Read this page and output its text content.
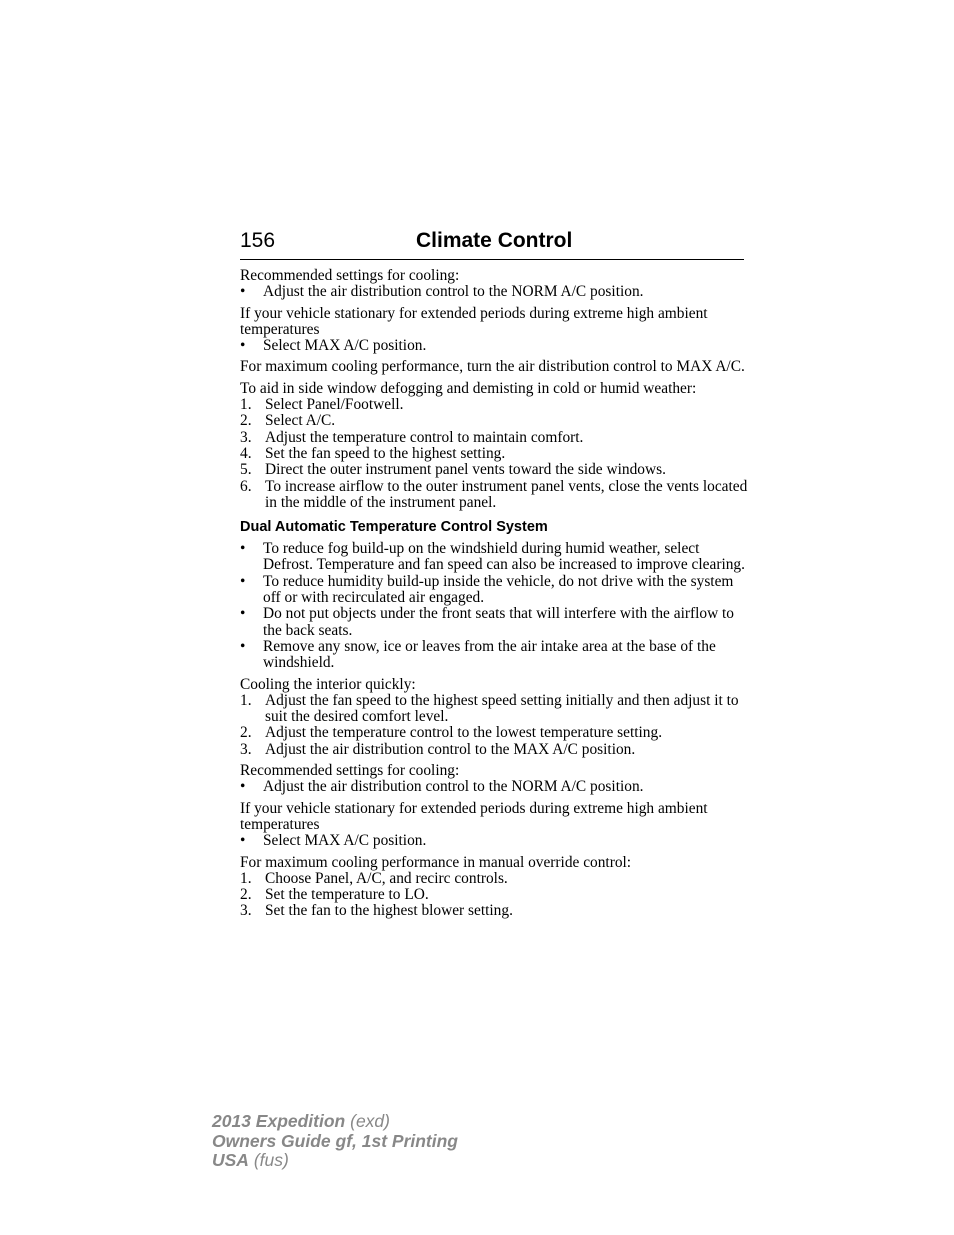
156	Climate Control

Recommended settings for cooling:

• Adjust the air distribution control to the NORM A/C position.

If your vehicle stationary for extended periods during extreme high ambient temperatures

• Select MAX A/C position.

For maximum cooling performance, turn the air distribution control to MAX A/C.

To aid in side window defogging and demisting in cold or humid weather:

1. Select Panel/Footwell.

2. Select A/C.

3. Adjust the temperature control to maintain comfort.

4. Set the fan speed to the highest setting.

5. Direct the outer instrument panel vents toward the side windows.

6. To increase airflow to the outer instrument panel vents, close the vents located in the middle of the instrument panel.

Dual Automatic Temperature Control System

• To reduce fog build-up on the windshield during humid weather, select Defrost. Temperature and fan speed can also be increased to improve clearing.

• To reduce humidity build-up inside the vehicle, do not drive with the system off or with recirculated air engaged.

• Do not put objects under the front seats that will interfere with the airflow to the back seats.

• Remove any snow, ice or leaves from the air intake area at the base of the windshield.

Cooling the interior quickly:

1. Adjust the fan speed to the highest speed setting initially and then adjust it to suit the desired comfort level.

2. Adjust the temperature control to the lowest temperature setting.

3. Adjust the air distribution control to the MAX A/C position.

Recommended settings for cooling:

• Adjust the air distribution control to the NORM A/C position.

If your vehicle stationary for extended periods during extreme high ambient temperatures

• Select MAX A/C position.

For maximum cooling performance in manual override control:

1. Choose Panel, A/C, and recirc controls.

2. Set the temperature to LO.

3. Set the fan to the highest blower setting.

2013 Expedition (exd)
Owners Guide gf, 1st Printing
USA (fus)
